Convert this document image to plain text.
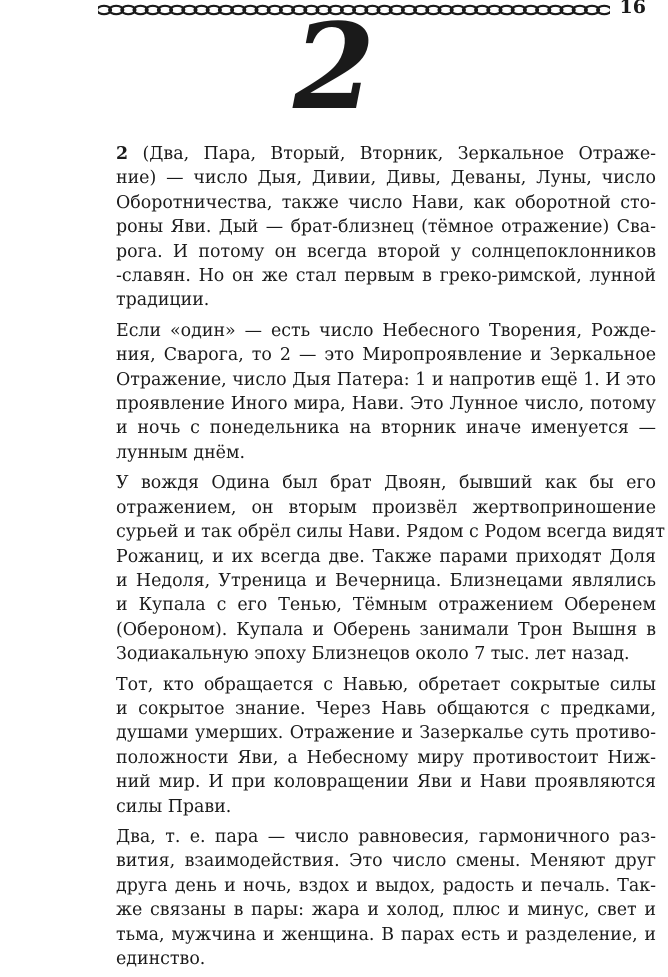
16
2

2 (Два, Пара, Вторый, Вторник, Зеркальное Отраже-
ние) — число Дыя, Дивии, Дивы, Деваны, Луны, число
Оборотничества, также число Нави, как оборотной сто-
роны Яви. Дый — брат-близнец (тёмное отражение) Сва-
рога. И потому он всегда второй у солнцепоклонников
-славян. Но он же стал первым в греко-римской, лунной
традиции.

Если «один» — есть число Небесного Творения, Рожде-
ния, Сварога, то 2 — это Миропроявление и Зеркальное
Отражение, число Дыя Патера: 1 и напротив ещё 1. И это
проявление Иного мира, Нави. Это Лунное число, потому
и ночь с понедельника на вторник иначе именуется —
лунным днём.

У вождя Одина был брат Двоян, бывший как бы его
отражением, он вторым произвёл жертвоприношение
сурьей и так обрёл силы Нави. Рядом с Родом всегда видят
Рожаниц, и их всегда две. Также парами приходят Доля
и Недоля, Утреница и Вечерница. Близнецами являлись
и Купала с его Тенью, Тёмным отражением Оберенем
(Обероном). Купала и Оберень занимали Трон Вышня в
Зодиакальную эпоху Близнецов около 7 тыс. лет назад.

Тот, кто обращается с Навью, обретает сокрытые силы
и сокрытое знание. Через Навь общаются с предками,
душами умерших. Отражение и Зазеркалье суть противо-
положности Яви, а Небесному миру противостоит Ниж-
ний мир. И при коловращении Яви и Нави проявляются
силы Прави.

Два, т. е. пара — число равновесия, гармоничного раз-
вития, взаимодействия. Это число смены. Меняют друг
друга день и ночь, вздох и выдох, радость и печаль. Так-
же связаны в пары: жара и холод, плюс и минус, свет и
тьма, мужчина и женщина. В парах есть и разделение, и
единство.
